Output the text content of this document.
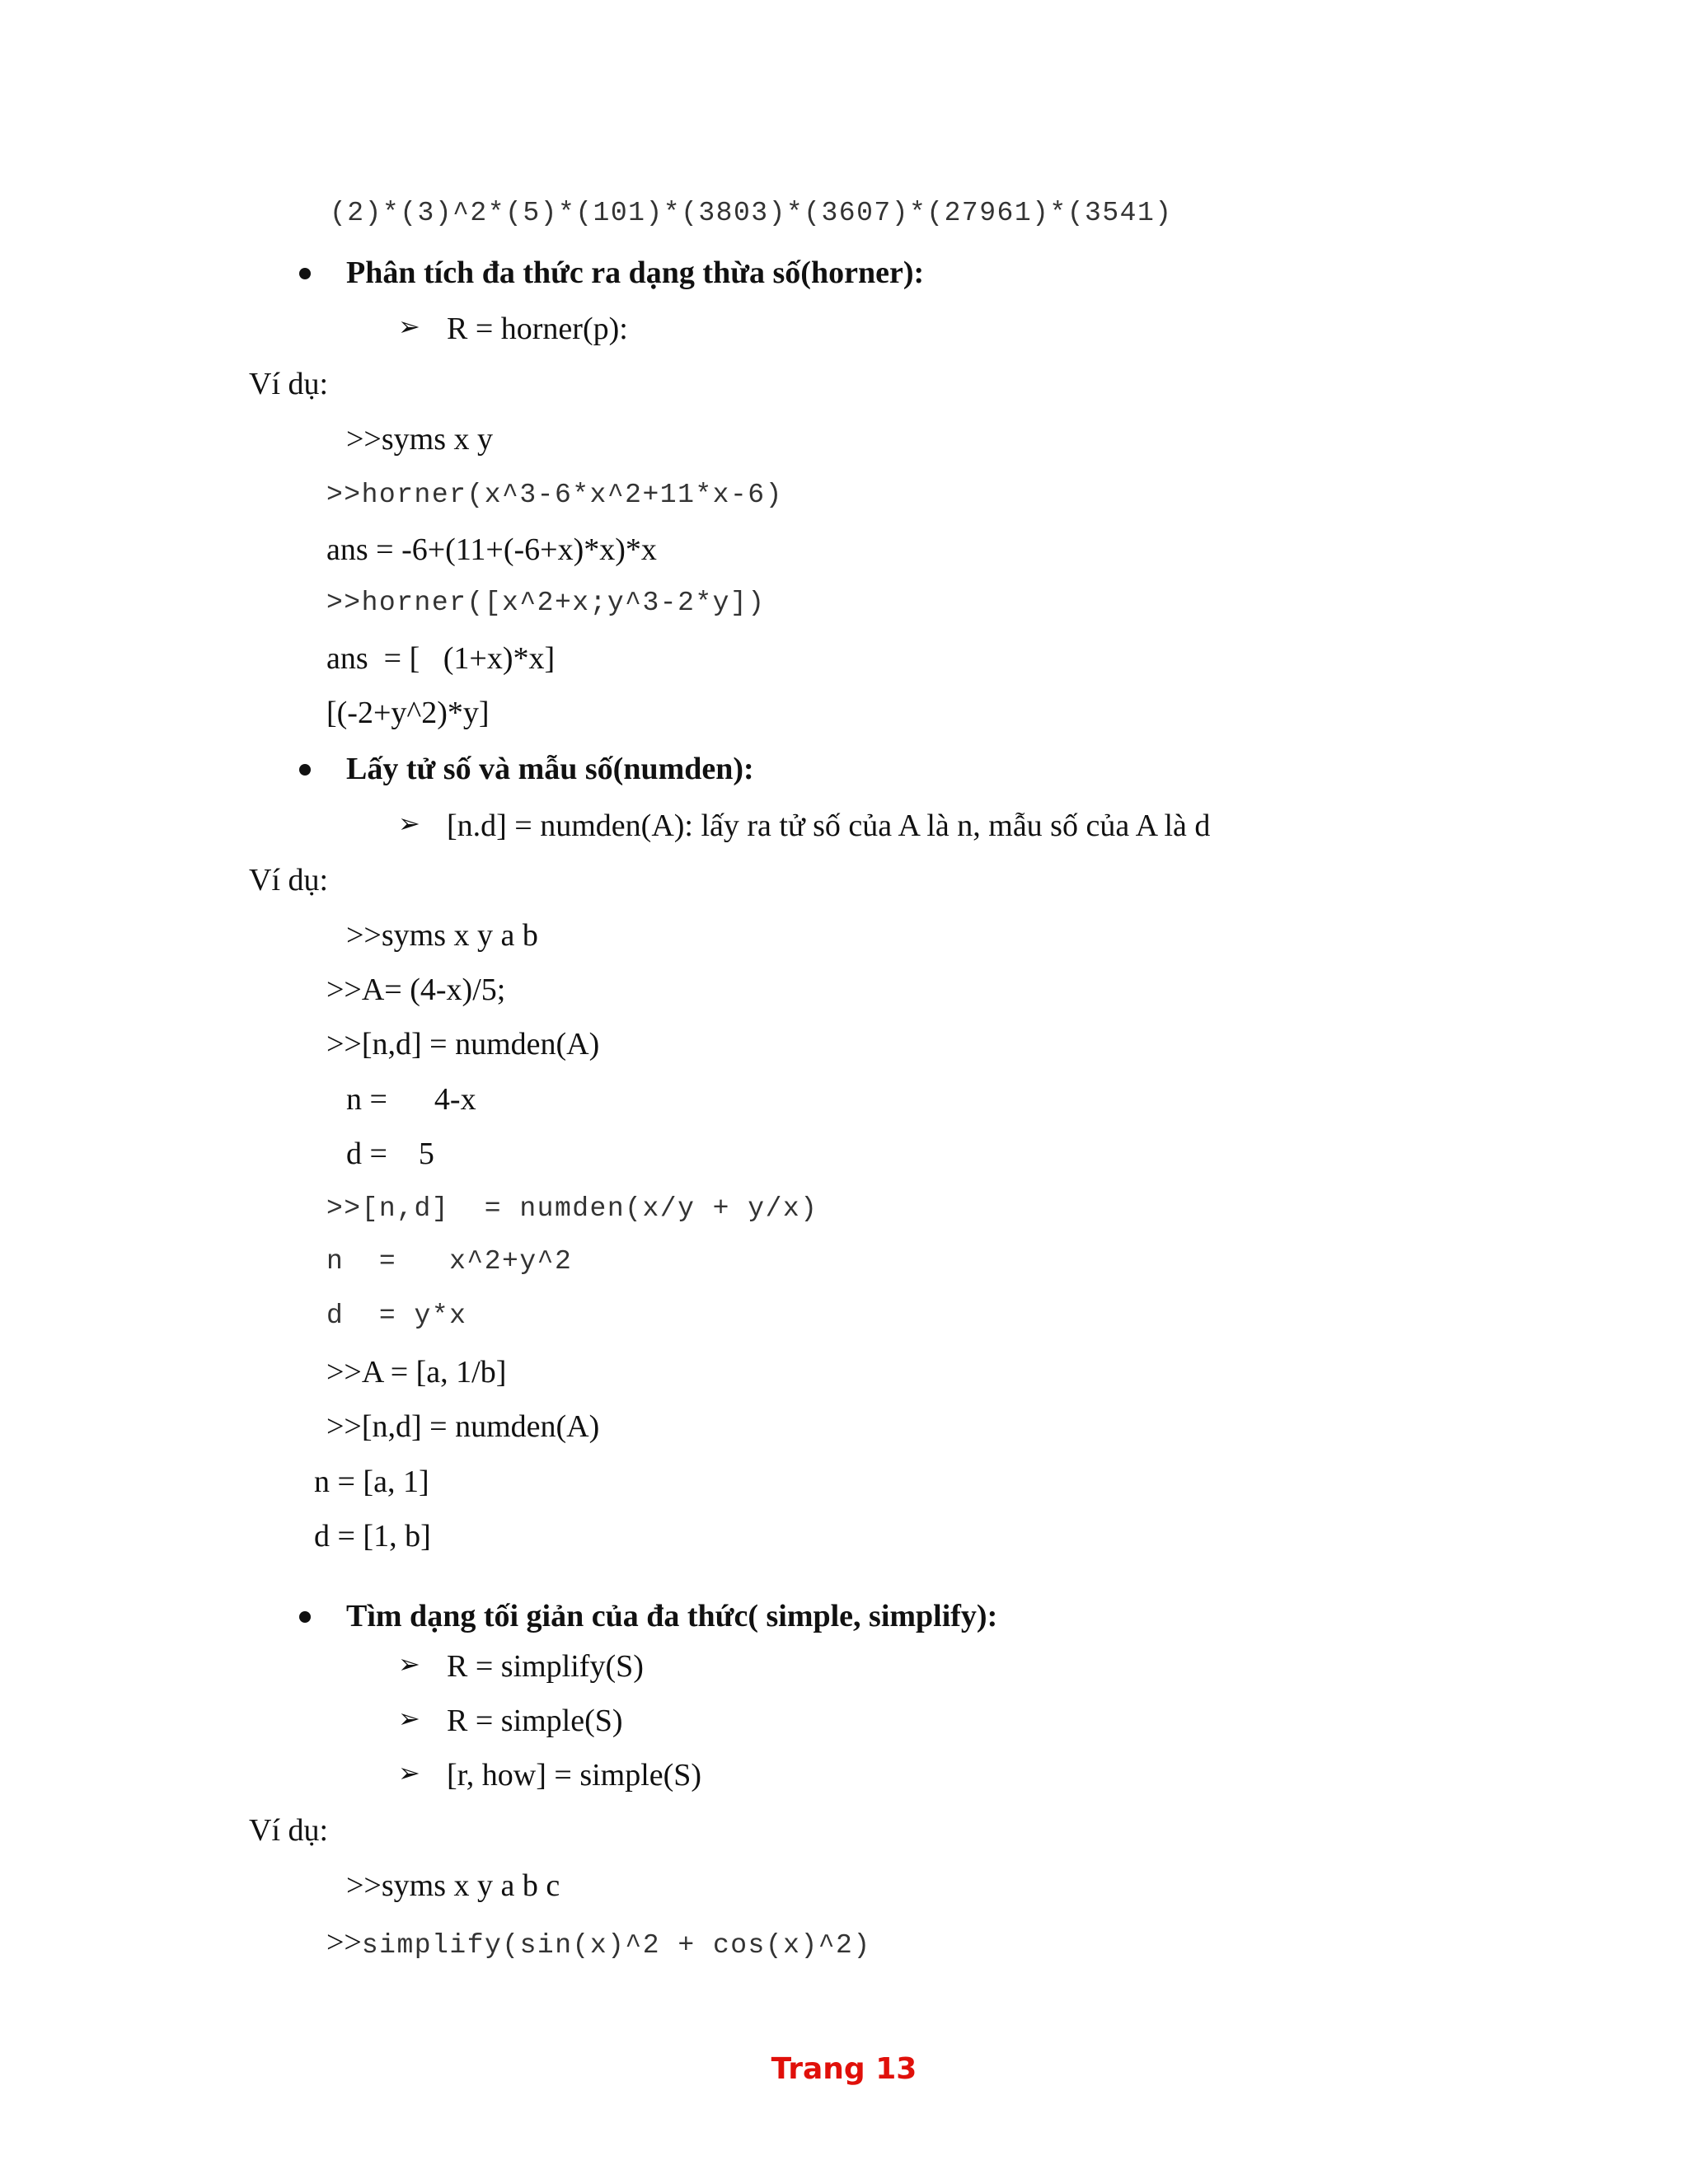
(2)*(3)^2*(5)*(101)*(3803)*(3607)*(27961)*(3541)
Phân tích đa thức ra dạng thừa số(horner):
➢ R = horner(p):
Ví dụ:
>>syms x y
>>horner(x^3-6*x^2+11*x-6)
ans = -6+(11+(-6+x)*x)*x
>>horner([x^2+x;y^3-2*y])
ans  = [   (1+x)*x]
[(-2+y^2)*y]
Lấy tử số và mẫu số(numden):
➢ [n.d] = numden(A): lấy ra tử số của A là n, mẫu số của A là d
Ví dụ:
>>syms x y a b
>>A= (4-x)/5;
>>[n,d] = numden(A)
n =      4-x
d =    5
>>[n,d]  = numden(x/y + y/x)
n  =   x^2+y^2
d  = y*x
>>A = [a, 1/b]
>>[n,d] = numden(A)
n = [a, 1]
d = [1, b]
Tìm dạng tối giản của đa thức( simple, simplify):
➢ R = simplify(S)
➢ R = simple(S)
➢ [r, how] = simple(S)
Ví dụ:
>>syms x y a b c
>>simplify(sin(x)^2 + cos(x)^2)
Trang 13
